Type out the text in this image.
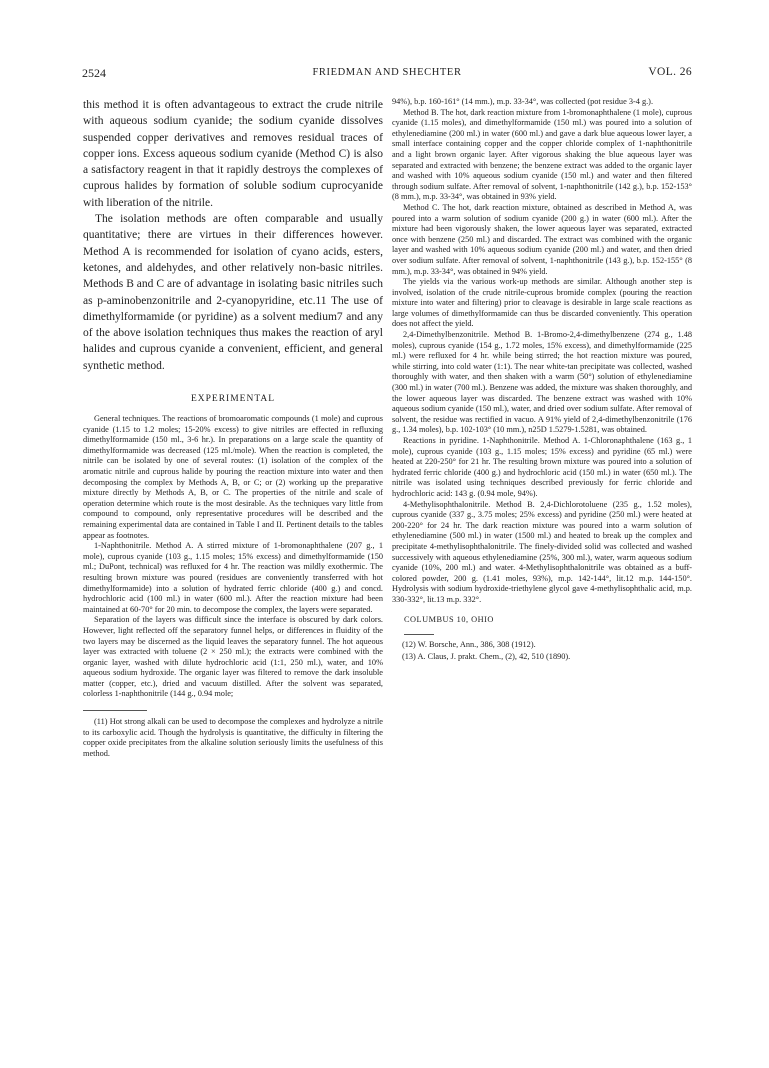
2524	FRIEDMAN AND SHECHTER	VOL. 26

this method it is often advantageous to extract the crude nitrile with aqueous sodium cyanide; the sodium cyanide dissolves suspended copper derivatives and removes residual traces of copper ions. Excess aqueous sodium cyanide (Method C) is also a satisfactory reagent in that it rapidly destroys the complexes of cuprous halides by formation of soluble sodium cuprocyanide with liberation of the nitrile.

The isolation methods are often comparable and usually quantitative; there are virtues in their differences however. Method A is recommended for isolation of cyano acids, esters, ketones, and aldehydes, and other relatively non-basic nitriles. Methods B and C are of advantage in isolating basic nitriles such as p-aminobenzonitrile and 2-cyanopyridine, etc.11 The use of dimethylformamide (or pyridine) as a solvent medium7 and any of the above isolation techniques thus makes the reaction of aryl halides and cuprous cyanide a convenient, efficient, and general synthetic method.

EXPERIMENTAL

General techniques. The reactions of bromoaromatic compounds (1 mole) and cuprous cyanide (1.15 to 1.2 moles; 15-20% excess) to give nitriles are effected in refluxing dimethylformamide (150 ml., 3-6 hr.). In preparations on a large scale the quantity of dimethylformamide was decreased (125 ml./mole). When the reaction is completed, the nitrile can be isolated by one of several routes: (1) isolation of the complex of the aromatic nitrile and cuprous halide by pouring the reaction mixture into water and then decomposing the complex by Methods A, B, or C; or (2) working up the preparative mixture directly by Methods A, B, or C. The properties of the nitrile and scale of operation determine which route is the most desirable. As the techniques vary little from compound to compound, only representative procedures will be described and the remaining experimental data are contained in Table I and II. Pertinent details to the tables appear as footnotes.

1-Naphthonitrile. Method A. A stirred mixture of 1-bromonaphthalene (207 g., 1 mole), cuprous cyanide (103 g., 1.15 moles; 15% excess) and dimethylformamide (150 ml.; DuPont, technical) was refluxed for 4 hr. The reaction was mildly exothermic. The resulting brown mixture was poured (residues are conveniently transferred with hot dimethylformamide) into a solution of hydrated ferric chloride (400 g.) and concd. hydrochloric acid (100 ml.) in water (600 ml.). After the reaction mixture had been maintained at 60-70° for 20 min. to decompose the complex, the layers were separated.

Separation of the layers was difficult since the interface is obscured by dark colors. However, light reflected off the separatory funnel helps, or differences in fluidity of the two layers may be discerned as the liquid leaves the separatory funnel. The hot aqueous layer was extracted with toluene (2 × 250 ml.); the extracts were combined with the organic layer, washed with dilute hydrochloric acid (1:1, 250 ml.), water, and 10% aqueous sodium hydroxide. The organic layer was filtered to remove the dark insoluble matter (copper, etc.), dried and vacuum distilled. After the solvent was separated, colorless 1-naphthonitrile (144 g., 0.94 mole;

(11) Hot strong alkali can be used to decompose the complexes and hydrolyze a nitrile to its carboxylic acid. Though the hydrolysis is quantitative, the difficulty in filtering the copper oxide precipitates from the alkaline solution seriously limits the usefulness of this method.

94%), b.p. 160-161° (14 mm.), m.p. 33-34°, was collected (pot residue 3-4 g.).

Method B. The hot, dark reaction mixture from 1-bromonaphthalene (1 mole), cuprous cyanide (1.15 moles), and dimethylformamide (150 ml.) was poured into a solution of ethylenediamine (200 ml.) in water (600 ml.) and gave a dark blue aqueous lower layer, a small interface containing copper and the copper chloride complex of 1-naphthonitrile and a light brown organic layer. After vigorous shaking the blue aqueous layer was separated and extracted with benzene; the benzene extract was added to the organic layer and washed with 10% aqueous sodium cyanide (150 ml.) and water and then filtered through sodium sulfate. After removal of solvent, 1-naphthonitrile (142 g.), b.p. 152-153° (8 mm.), m.p. 33-34°, was obtained in 93% yield.

Method C. The hot, dark reaction mixture, obtained as described in Method A, was poured into a warm solution of sodium cyanide (200 g.) in water (600 ml.). After the mixture had been vigorously shaken, the lower aqueous layer was separated, extracted once with benzene (250 ml.) and discarded. The extract was combined with the organic layer and washed with 10% aqueous sodium cyanide (200 ml.) and water, and then dried over sodium sulfate. After removal of solvent, 1-naphthonitrile (143 g.), b.p. 152-155° (8 mm.), m.p. 33-34°, was obtained in 94% yield.

The yields via the various work-up methods are similar. Although another step is involved, isolation of the crude nitrile-cuprous bromide complex (pouring the reaction mixture into water and filtering) prior to cleavage is desirable in large scale reactions as large volumes of dimethylformamide can thus be discarded conveniently. This operation does not affect the yield.

2,4-Dimethylbenzonitrile. Method B. 1-Bromo-2,4-dimethylbenzene (274 g., 1.48 moles), cuprous cyanide (154 g., 1.72 moles, 15% excess), and dimethylformamide (225 ml.) were refluxed for 4 hr. while being stirred; the hot reaction mixture was poured, while stirring, into cold water (1:1). The near white-tan precipitate was collected, washed thoroughly with water, and then shaken with a warm (50°) solution of ethylenediamine (300 ml.) in water (700 ml.). Benzene was added, the mixture was shaken thoroughly, and the lower aqueous layer was discarded. The benzene extract was washed with 10% aqueous sodium cyanide (150 ml.), water, and dried over sodium sulfate. After removal of solvent, the residue was rectified in vacuo. A 91% yield of 2,4-dimethylbenzonitrile (176 g., 1.34 moles), b.p. 102-103° (10 mm.), n25D 1.5279-1.5281, was obtained.

Reactions in pyridine. 1-Naphthonitrile. Method A. 1-Chloronaphthalene (163 g., 1 mole), cuprous cyanide (103 g., 1.15 moles; 15% excess) and pyridine (65 ml.) were heated at 220-250° for 21 hr. The resulting brown mixture was poured into a solution of hydrated ferric chloride (400 g.) and hydrochloric acid (150 ml.) in water (650 ml.). The nitrile was isolated using techniques described previously for ferric chloride and hydrochloric acid: 143 g. (0.94 mole, 94%).

4-Methylisophthalonitrile. Method B. 2,4-Dichlorotoluene (235 g., 1.52 moles), cuprous cyanide (337 g., 3.75 moles; 25% excess) and pyridine (250 ml.) were heated at 200-220° for 24 hr. The dark reaction mixture was poured into a warm solution of ethylenediamine (500 ml.) in water (1500 ml.) and heated to break up the complex and precipitate 4-methylisophthalonitrile. The finely-divided solid was collected and washed successively with aqueous ethylenediamine (25%, 300 ml.), water, warm aqueous sodium cyanide (10%, 200 ml.) and water. 4-Methylisophthalonitrile was obtained as a buff-colored powder, 200 g. (1.41 moles, 93%), m.p. 142-144°, lit.12 m.p. 144-150°. Hydrolysis with sodium hydroxide-triethylene glycol gave 4-methylisophthalic acid, m.p. 330-332°, lit.13 m.p. 332°.

COLUMBUS 10, OHIO

(12) W. Borsche, Ann., 386, 308 (1912).

(13) A. Claus, J. prakt. Chem., (2), 42, 510 (1890).
